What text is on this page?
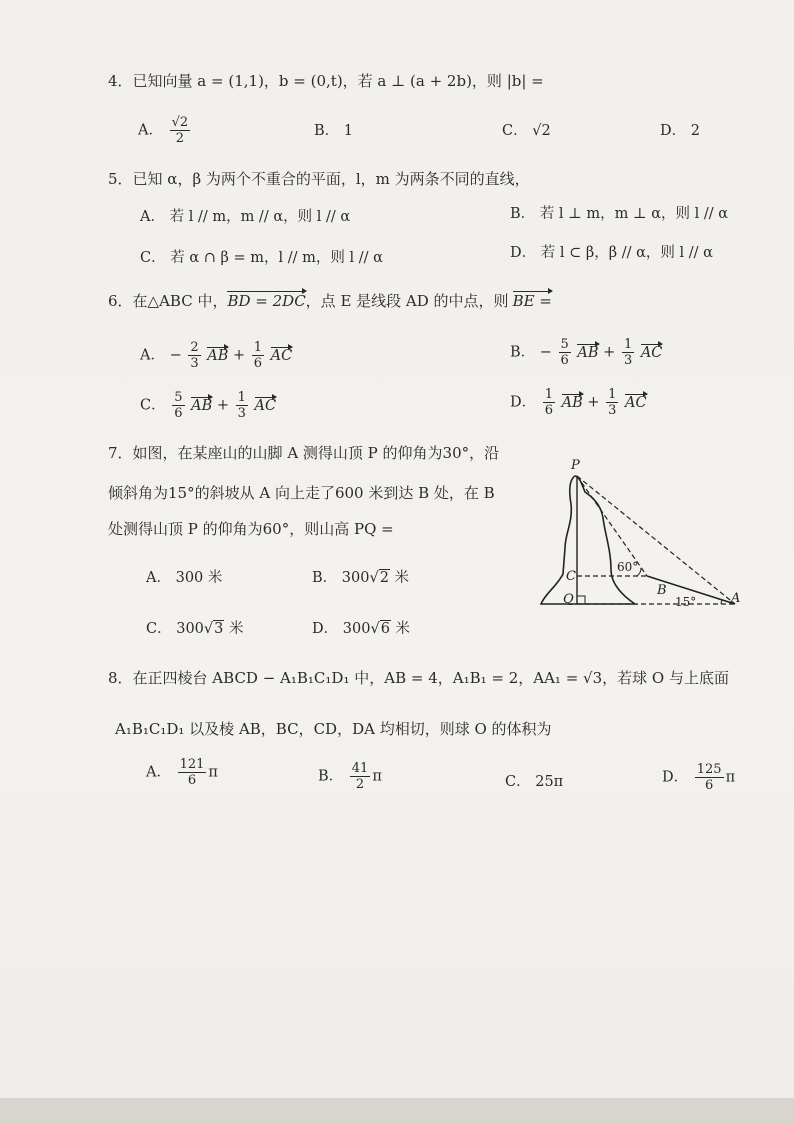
4．已知向量 a = (1,1)，b = (0,t)，若 a ⊥ (a + 2b)，则 |b| =
A． $\frac{√2}{2}$	B． 1	C． √2	D． 2
5．已知 α，β 为两个不重合的平面，l，m 为两条不同的直线，
A． 若 l // m，m // α，则 l // α	B． 若 l ⊥ m，m ⊥ α，则 l // α
C． 若 α ∩ β = m，l // m，则 l // α	D． 若 l ⊂ β，β // α，则 l // α
6．在△ABC 中，BD = 2DC，点 E 是线段 AD 的中点，则 BE =
A． − $\frac{2}{3}$ AB + $\frac{1}{6}$ AC	B． − $\frac{5}{6}$ AB + $\frac{1}{3}$ AC
C． $\frac{5}{6}$ AB + $\frac{1}{3}$ AC	D． $\frac{1}{6}$ AB + $\frac{1}{3}$ AC
7．如图，在某座山的山脚 A 测得山顶 P 的仰角为30°，沿
倾斜角为15°的斜坡从 A 向上走了600 米到达 B 处，在 B
处测得山顶 P 的仰角为60°，则山高 PQ =
A． 300 米	B． 300√2 米
C． 300√3 米	D． 300√6 米
P
C
Q
B
A
60°
15°
8．在正四棱台 ABCD − A₁B₁C₁D₁ 中，AB = 4，A₁B₁ = 2，AA₁ = √3，若球 O 与上底面
A₁B₁C₁D₁ 以及棱 AB，BC，CD，DA 均相切，则球 O 的体积为
A． $\frac{121}{6}$ π	B． $\frac{41}{2}$ π	C． 25π	D． $\frac{125}{6}$ π
